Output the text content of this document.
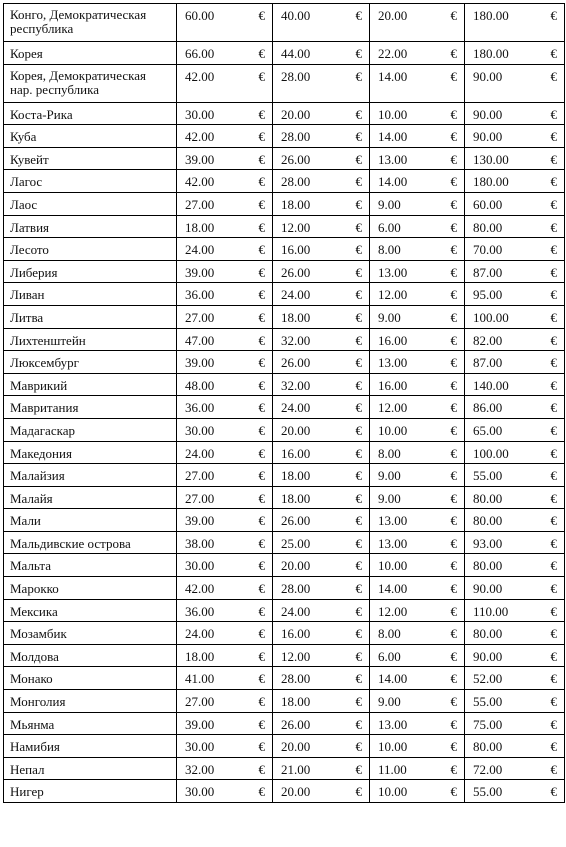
Конго, Демократическая республика	60.00 €	40.00 €	20.00 €	180.00 €

Корея	66.00 €	44.00 €	22.00 €	180.00 €

Корея, Демократическая нар. республика	42.00 €	28.00 €	14.00 €	90.00 €

Коста-Рика	30.00 €	20.00 €	10.00 €	90.00 €

Куба	42.00 €	28.00 €	14.00 €	90.00 €

Кувейт	39.00 €	26.00 €	13.00 €	130.00 €

Лагос	42.00 €	28.00 €	14.00 €	180.00 €

Лаос	27.00 €	18.00 €	9.00 €	60.00 €

Латвия	18.00 €	12.00 €	6.00 €	80.00 €

Лесото	24.00 €	16.00 €	8.00 €	70.00 €

Либерия	39.00 €	26.00 €	13.00 €	87.00 €

Ливан	36.00 €	24.00 €	12.00 €	95.00 €

Литва	27.00 €	18.00 €	9.00 €	100.00 €

Лихтенштейн	47.00 €	32.00 €	16.00 €	82.00 €

Люксембург	39.00 €	26.00 €	13.00 €	87.00 €

Маврикий	48.00 €	32.00 €	16.00 €	140.00 €

Мавритания	36.00 €	24.00 €	12.00 €	86.00 €

Мадагаскар	30.00 €	20.00 €	10.00 €	65.00 €

Македония	24.00 €	16.00 €	8.00 €	100.00 €

Малайзия	27.00 €	18.00 €	9.00 €	55.00 €

Малайя	27.00 €	18.00 €	9.00 €	80.00 €

Мали	39.00 €	26.00 €	13.00 €	80.00 €

Мальдивские острова	38.00 €	25.00 €	13.00 €	93.00 €

Мальта	30.00 €	20.00 €	10.00 €	80.00 €

Марокко	42.00 €	28.00 €	14.00 €	90.00 €

Мексика	36.00 €	24.00 €	12.00 €	110.00 €

Мозамбик	24.00 €	16.00 €	8.00 €	80.00 €

Молдова	18.00 €	12.00 €	6.00 €	90.00 €

Монако	41.00 €	28.00 €	14.00 €	52.00 €

Монголия	27.00 €	18.00 €	9.00 €	55.00 €

Мьянма	39.00 €	26.00 €	13.00 €	75.00 €

Намибия	30.00 €	20.00 €	10.00 €	80.00 €

Непал	32.00 €	21.00 €	11.00 €	72.00 €

Нигер	30.00 €	20.00 €	10.00 €	55.00 €
